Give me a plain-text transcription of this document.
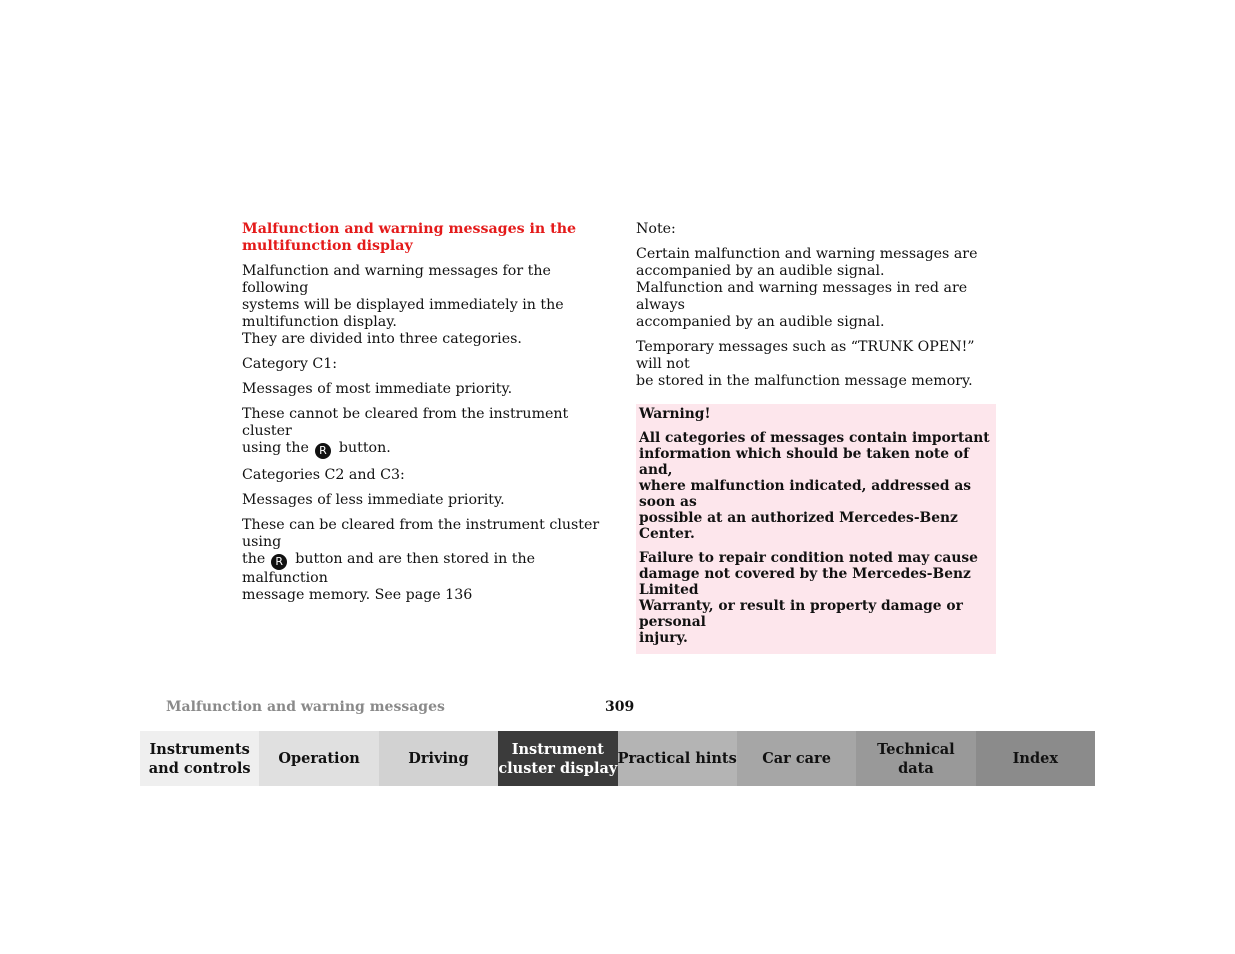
Malfunction and warning messages in the
multifunction display

Malfunction and warning messages for the following
systems will be displayed immediately in the
multifunction display.
They are divided into three categories.

Category C1:

Messages of most immediate priority.

These cannot be cleared from the instrument cluster
using the R button.

Categories C2 and C3:

Messages of less immediate priority.

These can be cleared from the instrument cluster using
the R button and are then stored in the malfunction
message memory. See page 136

Note:

Certain malfunction and warning messages are
accompanied by an audible signal.
Malfunction and warning messages in red are always
accompanied by an audible signal.

Temporary messages such as “TRUNK OPEN!” will not
be stored in the malfunction message memory.

Warning!

All categories of messages contain important
information which should be taken note of and,
where malfunction indicated, addressed as soon as
possible at an authorized Mercedes-Benz Center.

Failure to repair condition noted may cause
damage not covered by the Mercedes-Benz Limited
Warranty, or result in property damage or personal
injury.

Malfunction and warning messages	309
Instruments
and controls
Operation	Driving
Instrument
cluster display
Practical hints Car care
Technical
data
Index
